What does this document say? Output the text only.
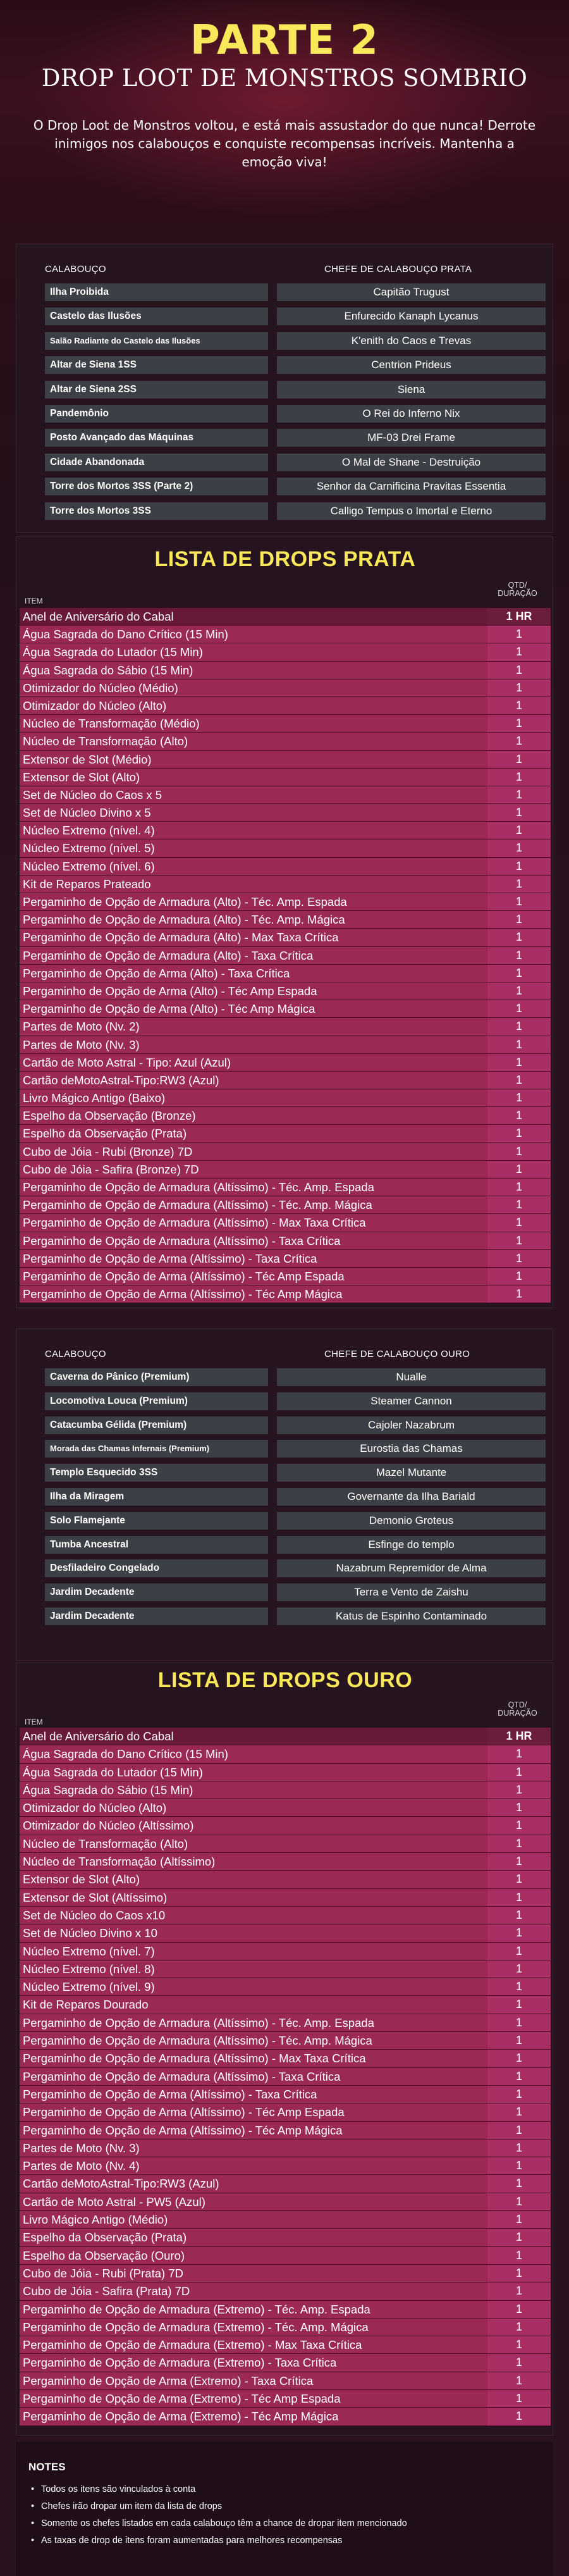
PARTE 2
DROP LOOT DE MONSTROS SOMBRIO
O Drop Loot de Monstros voltou, e está mais assustador do que nunca! Derrote inimigos nos calabouços e conquiste recompensas incríveis. Mantenha a emoção viva!
CALABOUÇO	CHEFE DE CALABOUÇO PRATA
Ilha Proibida	Capitão Trugust
Castelo das Ilusões	Enfurecido Kanaph Lycanus
Salão Radiante do Castelo das Ilusões	K'enith do Caos e Trevas
Altar de Siena 1SS	Centrion Prideus
Altar de Siena 2SS	Siena
Pandemônio	O Rei do Inferno Nix
Posto Avançado das Máquinas	MF-03 Drei Frame
Cidade Abandonada	O Mal de Shane - Destruição
Torre dos Mortos 3SS (Parte 2)	Senhor da Carnificina Pravitas Essentia
Torre dos Mortos 3SS	Calligo Tempus o Imortal e Eterno
LISTA DE DROPS PRATA
QTD/ DURAÇÃO
ITEM
Anel de Aniversário do Cabal	1 HR
Água Sagrada do Dano Crítico (15 Min)	1
Água Sagrada do Lutador (15 Min)	1
Água Sagrada do Sábio (15 Min)	1
Otimizador do Núcleo (Médio)	1
Otimizador do Núcleo (Alto)	1
Núcleo de Transformação (Médio)	1
Núcleo de Transformação (Alto)	1
Extensor de Slot (Médio)	1
Extensor de Slot (Alto)	1
Set de Núcleo do Caos x 5	1
Set de Núcleo Divino x 5	1
Núcleo Extremo (nível. 4)	1
Núcleo Extremo (nível. 5)	1
Núcleo Extremo (nível. 6)	1
Kit de Reparos Prateado	1
Pergaminho de Opção de Armadura (Alto) - Téc. Amp. Espada	1
Pergaminho de Opção de Armadura (Alto) - Téc. Amp. Mágica	1
Pergaminho de Opção de Armadura (Alto) - Max Taxa Crítica	1
Pergaminho de Opção de Armadura (Alto) - Taxa Crítica	1
Pergaminho de Opção de Arma (Alto) - Taxa Crítica	1
Pergaminho de Opção de Arma (Alto) - Téc Amp Espada	1
Pergaminho de Opção de Arma (Alto) - Téc Amp Mágica	1
Partes de Moto (Nv. 2)	1
Partes de Moto (Nv. 3)	1
Cartão de Moto Astral - Tipo: Azul (Azul)	1
Cartão deMotoAstral-Tipo:RW3 (Azul)	1
Livro Mágico Antigo (Baixo)	1
Espelho da Observação (Bronze)	1
Espelho da Observação (Prata)	1
Cubo de Jóia - Rubi (Bronze) 7D	1
Cubo de Jóia - Safira (Bronze) 7D	1
Pergaminho de Opção de Armadura (Altíssimo) - Téc. Amp. Espada	1
Pergaminho de Opção de Armadura (Altíssimo) - Téc. Amp. Mágica	1
Pergaminho de Opção de Armadura (Altíssimo) - Max Taxa Crítica	1
Pergaminho de Opção de Armadura (Altíssimo) - Taxa Crítica	1
Pergaminho de Opção de Arma (Altíssimo) - Taxa Crítica	1
Pergaminho de Opção de Arma (Altíssimo) - Téc Amp Espada	1
Pergaminho de Opção de Arma (Altíssimo) - Téc Amp Mágica	1
CALABOUÇO	CHEFE DE CALABOUÇO OURO
Caverna do Pânico (Premium)	Nualle
Locomotiva Louca (Premium)	Steamer Cannon
Catacumba Gélida (Premium)	Cajoler Nazabrum
Morada das Chamas Infernais (Premium)	Eurostia das Chamas
Templo Esquecido 3SS	Mazel Mutante
Ilha da Miragem	Governante da Ilha Bariald
Solo Flamejante	Demonio Groteus
Tumba Ancestral	Esfinge do templo
Desfiladeiro Congelado	Nazabrum Repremidor de Alma
Jardim Decadente	Terra e Vento de Zaishu
Jardim Decadente	Katus de Espinho Contaminado
LISTA DE DROPS OURO
QTD/ DURAÇÃO
ITEM
Anel de Aniversário do Cabal	1 HR
Água Sagrada do Dano Crítico (15 Min)	1
Água Sagrada do Lutador (15 Min)	1
Água Sagrada do Sábio (15 Min)	1
Otimizador do Núcleo (Alto)	1
Otimizador do Núcleo (Altíssimo)	1
Núcleo de Transformação (Alto)	1
Núcleo de Transformação (Altíssimo)	1
Extensor de Slot (Alto)	1
Extensor de Slot (Altíssimo)	1
Set de Núcleo do Caos x10	1
Set de Núcleo Divino x 10	1
Núcleo Extremo (nível. 7)	1
Núcleo Extremo (nível. 8)	1
Núcleo Extremo (nível. 9)	1
Kit de Reparos Dourado	1
Pergaminho de Opção de Armadura (Altíssimo) - Téc. Amp. Espada	1
Pergaminho de Opção de Armadura (Altíssimo) - Téc. Amp. Mágica	1
Pergaminho de Opção de Armadura (Altíssimo) - Max Taxa Crítica	1
Pergaminho de Opção de Armadura (Altíssimo) - Taxa Crítica	1
Pergaminho de Opção de Arma (Altíssimo) - Taxa Crítica	1
Pergaminho de Opção de Arma (Altíssimo) - Téc Amp Espada	1
Pergaminho de Opção de Arma (Altíssimo) - Téc Amp Mágica	1
Partes de Moto (Nv. 3)	1
Partes de Moto (Nv. 4)	1
Cartão deMotoAstral-Tipo:RW3 (Azul)	1
Cartão de Moto Astral - PW5 (Azul)	1
Livro Mágico Antigo (Médio)	1
Espelho da Observação (Prata)	1
Espelho da Observação (Ouro)	1
Cubo de Jóia - Rubi (Prata) 7D	1
Cubo de Jóia - Safira (Prata) 7D	1
Pergaminho de Opção de Armadura (Extremo) - Téc. Amp. Espada	1
Pergaminho de Opção de Armadura (Extremo) - Téc. Amp. Mágica	1
Pergaminho de Opção de Armadura (Extremo) - Max Taxa Crítica	1
Pergaminho de Opção de Armadura (Extremo) - Taxa Crítica	1
Pergaminho de Opção de Arma (Extremo) - Taxa Crítica	1
Pergaminho de Opção de Arma (Extremo) - Téc Amp Espada	1
Pergaminho de Opção de Arma (Extremo) - Téc Amp Mágica	1
NOTES
• Todos os itens são vinculados à conta
• Chefes irão dropar um item da lista de drops
• Somente os chefes listados em cada calabouço têm a chance de dropar item mencionado
• As taxas de drop de itens foram aumentadas para melhores recompensas
